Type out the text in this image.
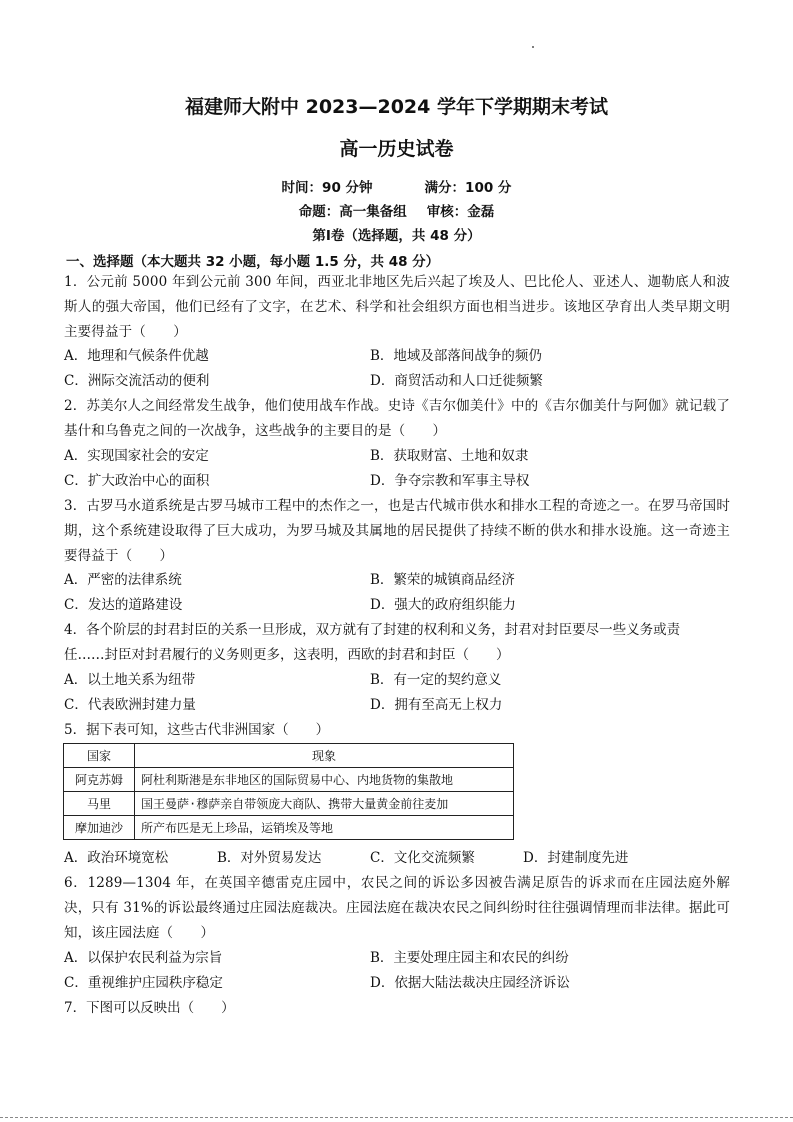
福建师大附中 2023—2024 学年下学期期末考试
高一历史试卷
时间：90 分钟	满分：100 分
命题：高一集备组 审核：金磊
第Ⅰ卷（选择题，共 48 分）
一、选择题（本大题共 32 小题，每小题 1.5 分，共 48 分）
1．公元前 5000 年到公元前 300 年间，西亚北非地区先后兴起了埃及人、巴比伦人、亚述人、迦勒底人和波斯人的强大帝国，他们已经有了文字，在艺术、科学和社会组织方面也相当进步。该地区孕育出人类早期文明主要得益于（　　）
A．地理和气候条件优越	B．地域及部落间战争的频仍
C．洲际交流活动的便利	D．商贸活动和人口迁徙频繁
2．苏美尔人之间经常发生战争，他们使用战车作战。史诗《吉尔伽美什》中的《吉尔伽美什与阿伽》就记载了基什和乌鲁克之间的一次战争，这些战争的主要目的是（　　）
A．实现国家社会的安定	B．获取财富、土地和奴隶
C．扩大政治中心的面积	D．争夺宗教和军事主导权
3．古罗马水道系统是古罗马城市工程中的杰作之一，也是古代城市供水和排水工程的奇迹之一。在罗马帝国时期，这个系统建设取得了巨大成功，为罗马城及其属地的居民提供了持续不断的供水和排水设施。这一奇迹主要得益于（　　）
A．严密的法律系统	B．繁荣的城镇商品经济
C．发达的道路建设	D．强大的政府组织能力
4．各个阶层的封君封臣的关系一旦形成，双方就有了封建的权利和义务，封君对封臣要尽一些义务或责
任……封臣对封君履行的义务则更多，这表明，西欧的封君和封臣（　　）
A．以土地关系为纽带	B．有一定的契约意义
C．代表欧洲封建力量	D．拥有至高无上权力
5．据下表可知，这些古代非洲国家（　　）
国家	现象
阿克苏姆	阿杜利斯港是东非地区的国际贸易中心、内地货物的集散地
马里	国王曼萨·穆萨亲自带领庞大商队、携带大量黄金前往麦加
摩加迪沙	所产布匹是无上珍品，运销埃及等地
A．政治环境宽松	B．对外贸易发达	C．文化交流频繁	D．封建制度先进
6．1289—1304 年，在英国辛德雷克庄园中，农民之间的诉讼多因被告满足原告的诉求而在庄园法庭外解决，只有 31%的诉讼最终通过庄园法庭裁决。庄园法庭在裁决农民之间纠纷时往往强调情理而非法律。据此可知，该庄园法庭（　　）
A．以保护农民利益为宗旨	B．主要处理庄园主和农民的纠纷
C．重视维护庄园秩序稳定	D．依据大陆法裁决庄园经济诉讼
7．下图可以反映出（　　）
